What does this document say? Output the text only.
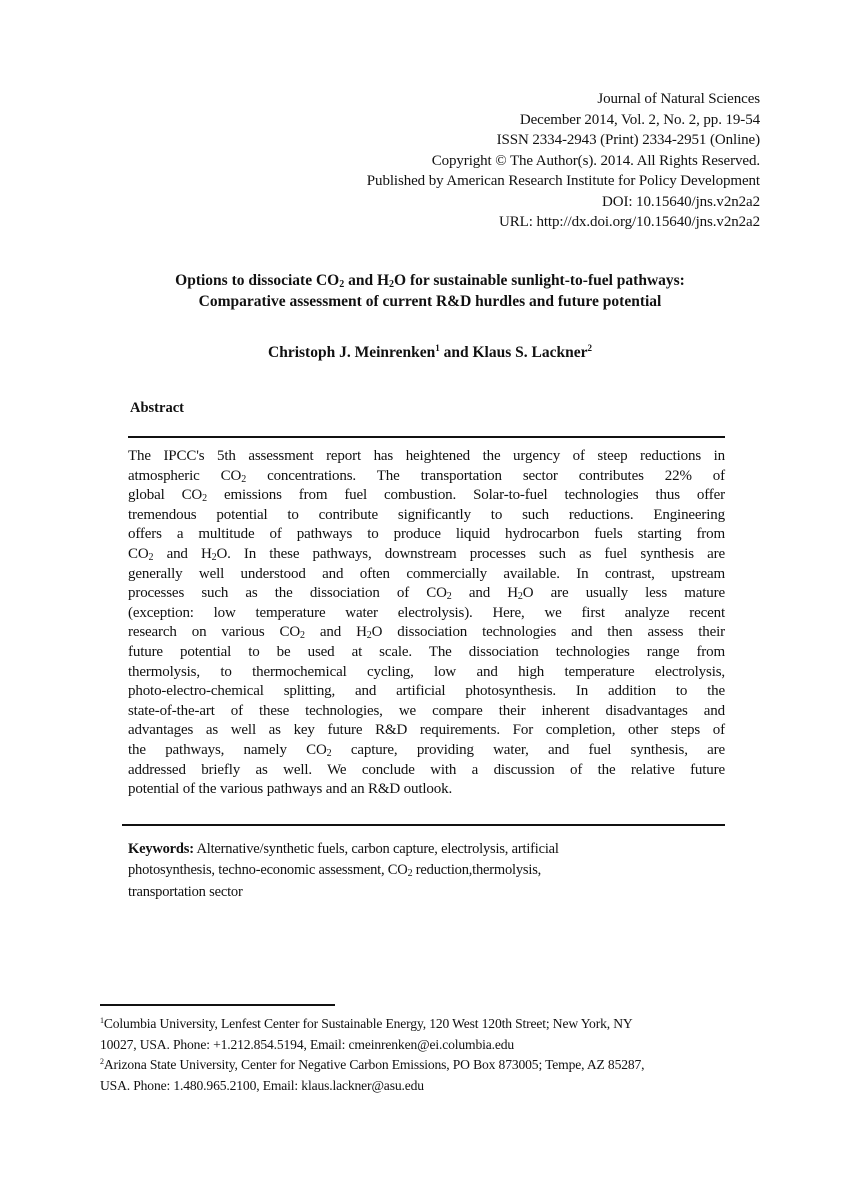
Journal of Natural Sciences
December 2014, Vol. 2, No. 2, pp. 19-54
ISSN 2334-2943 (Print) 2334-2951 (Online)
Copyright © The Author(s). 2014. All Rights Reserved.
Published by American Research Institute for Policy Development
DOI: 10.15640/jns.v2n2a2
URL: http://dx.doi.org/10.15640/jns.v2n2a2
Options to dissociate $CO_2$ and $H_2O$ for sustainable sunlight-to-fuel pathways:
Comparative assessment of current R&D hurdles and future potential
Christoph J. Meinrenken$^1$ and Klaus S. Lackner$^2$
Abstract
The IPCC's 5th assessment report has heightened the urgency of steep reductions in
atmospheric $CO_2$ concentrations. The transportation sector contributes 22% of
global $CO_2$ emissions from fuel combustion. Solar-to-fuel technologies thus offer
tremendous potential to contribute significantly to such reductions. Engineering
offers a multitude of pathways to produce liquid hydrocarbon fuels starting from
$CO_2$ and $H_2O$. In these pathways, downstream processes such as fuel synthesis are
generally well understood and often commercially available. In contrast, upstream
processes such as the dissociation of $CO_2$ and $H_2O$ are usually less mature
(exception: low temperature water electrolysis). Here, we first analyze recent
research on various $CO_2$ and $H_2O$ dissociation technologies and then assess their
future potential to be used at scale. The dissociation technologies range from
thermolysis, to thermochemical cycling, low and high temperature electrolysis,
photo-electro-chemical splitting, and artificial photosynthesis. In addition to the
state-of-the-art of these technologies, we compare their inherent disadvantages and
advantages as well as key future R&D requirements. For completion, other steps of
the pathways, namely $CO_2$ capture, providing water, and fuel synthesis, are
addressed briefly as well. We conclude with a discussion of the relative future
potential of the various pathways and an R&D outlook.
Keywords: Alternative/synthetic fuels, carbon capture, electrolysis, artificial
photosynthesis, techno-economic assessment, $CO_2$ reduction,thermolysis,
transportation sector
$^1$Columbia University, Lenfest Center for Sustainable Energy, 120 West 120th Street; New York, NY
10027, USA. Phone: +1.212.854.5194, Email: cmeinrenken@ei.columbia.edu
$^2$Arizona State University, Center for Negative Carbon Emissions, PO Box 873005; Tempe, AZ 85287,
USA. Phone: 1.480.965.2100, Email: klaus.lackner@asu.edu
